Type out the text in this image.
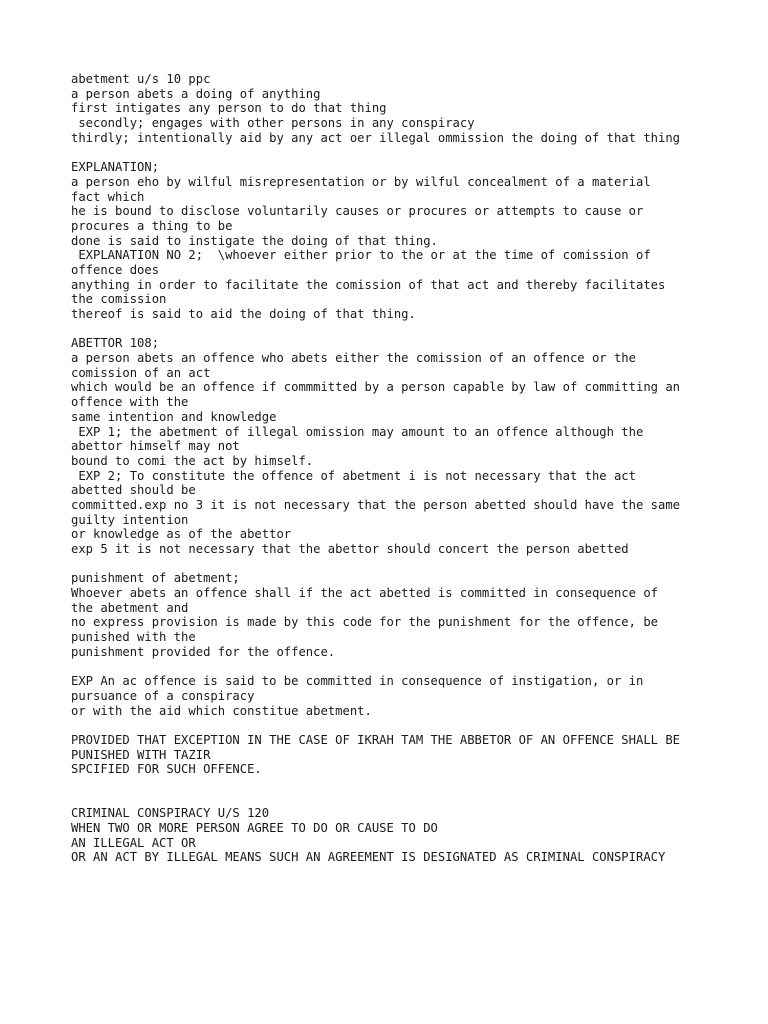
abetment u/s 10 ppc
a person abets a doing of anything
first intigates any person to do that thing
secondly; engages with other persons in any conspiracy
thirdly; intentionally aid by any act oer illegal ommission the doing of that thing
EXPLANATION;
a person eho by wilful misrepresentation or by wilful concealment of a material
fact which
he is bound to disclose voluntarily causes or procures or attempts to cause or
procures a thing to be
done is said to instigate the doing of that thing.
EXPLANATION NO 2;  \whoever either prior to the or at the time of comission of
offence does
anything in order to facilitate the comission of that act and thereby facilitates
the comission
thereof is said to aid the doing of that thing.
ABETTOR 108;
a person abets an offence who abets either the comission of an offence or the
comission of an act
which would be an offence if commmitted by a person capable by law of committing an
offence with the
same intention and knowledge
EXP 1; the abetment of illegal omission may amount to an offence although the
abettor himself may not
bound to comi the act by himself.
EXP 2; To constitute the offence of abetment i is not necessary that the act
abetted should be
committed.exp no 3 it is not necessary that the person abetted should have the same
guilty intention
or knowledge as of the abettor
exp 5 it is not necessary that the abettor should concert the person abetted
punishment of abetment;
Whoever abets an offence shall if the act abetted is committed in consequence of
the abetment and
no express provision is made by this code for the punishment for the offence, be
punished with the
punishment provided for the offence.
EXP An ac offence is said to be committed in consequence of instigation, or in
pursuance of a conspiracy
or with the aid which constitue abetment.
PROVIDED THAT EXCEPTION IN THE CASE OF IKRAH TAM THE ABBETOR OF AN OFFENCE SHALL BE
PUNISHED WITH TAZIR
SPCIFIED FOR SUCH OFFENCE.
CRIMINAL CONSPIRACY U/S 120
WHEN TWO OR MORE PERSON AGREE TO DO OR CAUSE TO DO
AN ILLEGAL ACT OR
OR AN ACT BY ILLEGAL MEANS SUCH AN AGREEMENT IS DESIGNATED AS CRIMINAL CONSPIRACY
